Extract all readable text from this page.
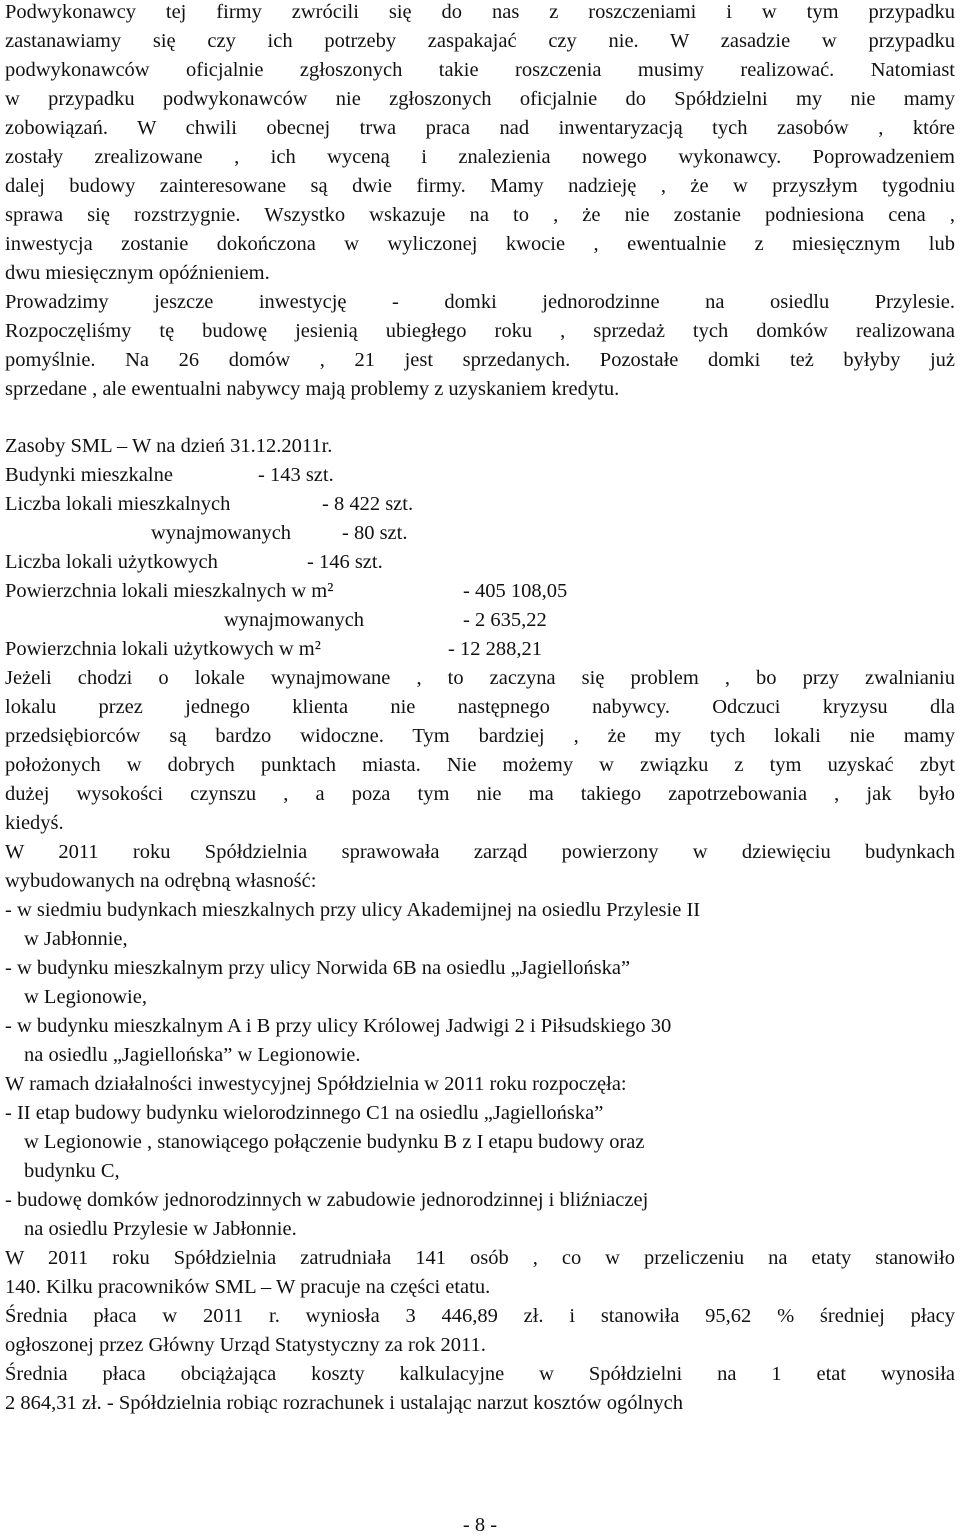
Podwykonawcy tej firmy zwrócili się do nas z roszczeniami i w tym przypadku
zastanawiamy się czy ich potrzeby zaspakajać czy nie. W zasadzie w przypadku
podwykonawców oficjalnie zgłoszonych takie roszczenia musimy realizować. Natomiast
w przypadku podwykonawców nie zgłoszonych oficjalnie do Spółdzielni my nie mamy
zobowiązań. W chwili obecnej trwa praca nad inwentaryzacją tych zasobów , które
zostały zrealizowane , ich wyceną i znalezienia nowego wykonawcy. Poprowadzeniem
dalej budowy zainteresowane są dwie firmy. Mamy nadzieję , że w przyszłym tygodniu
sprawa się rozstrzygnie. Wszystko wskazuje na to , że nie zostanie podniesiona cena ,
inwestycja zostanie dokończona w wyliczonej kwocie , ewentualnie z miesięcznym lub
dwu miesięcznym opóźnieniem.
Prowadzimy jeszcze inwestycję - domki jednorodzinne na osiedlu Przylesie.
Rozpoczęliśmy tę budowę jesienią ubiegłego roku , sprzedaż tych domków realizowana
pomyślnie. Na 26 domów , 21 jest sprzedanych. Pozostałe domki też byłyby już
sprzedane , ale ewentualni nabywcy mają problemy z uzyskaniem kredytu.
Zasoby SML – W na dzień 31.12.2011r.
Budynki mieszkalne	- 143 szt.
Liczba lokali mieszkalnych	- 8 422 szt.
wynajmowanych - 80 szt.
Liczba lokali użytkowych	- 146 szt.
Powierzchnia lokali mieszkalnych w m²	- 405 108,05
wynajmowanych	- 2 635,22
Powierzchnia lokali użytkowych w m²	- 12 288,21
Jeżeli chodzi o lokale wynajmowane , to zaczyna się problem , bo przy zwalnianiu
lokalu przez jednego klienta nie następnego nabywcy. Odczuci kryzysu dla
przedsiębiorców są bardzo widoczne. Tym bardziej , że my tych lokali nie mamy
położonych w dobrych punktach miasta. Nie możemy w związku z tym uzyskać zbyt
dużej wysokości czynszu , a poza tym nie ma takiego zapotrzebowania , jak było
kiedyś.
W 2011 roku Spółdzielnia sprawowała zarząd powierzony w dziewięciu budynkach
wybudowanych na odrębną własność:
- w siedmiu budynkach mieszkalnych przy ulicy Akademijnej na osiedlu Przylesie II
w Jabłonnie,
- w budynku mieszkalnym przy ulicy Norwida 6B na osiedlu „Jagiellońska”
w Legionowie,
- w budynku mieszkalnym A i B przy ulicy Królowej Jadwigi 2 i Piłsudskiego 30
na osiedlu „Jagiellońska” w Legionowie.
W ramach działalności inwestycyjnej Spółdzielnia w 2011 roku rozpoczęła:
- II etap budowy budynku wielorodzinnego C1 na osiedlu „Jagiellońska”
w Legionowie , stanowiącego połączenie budynku B z I etapu budowy oraz
budynku C,
- budowę domków jednorodzinnych w zabudowie jednorodzinnej i bliźniaczej
na osiedlu Przylesie w Jabłonnie.
W 2011 roku Spółdzielnia zatrudniała 141 osób , co w przeliczeniu na etaty stanowiło
140. Kilku pracowników SML – W pracuje na części etatu.
Średnia płaca w 2011 r. wyniosła 3 446,89 zł. i stanowiła 95,62 % średniej płacy
ogłoszonej przez Główny Urząd Statystyczny za rok 2011.
Średnia płaca obciążająca koszty kalkulacyjne w Spółdzielni na 1 etat wynosiła
2 864,31 zł. - Spółdzielnia robiąc rozrachunek i ustalając narzut kosztów ogólnych
- 8 -
